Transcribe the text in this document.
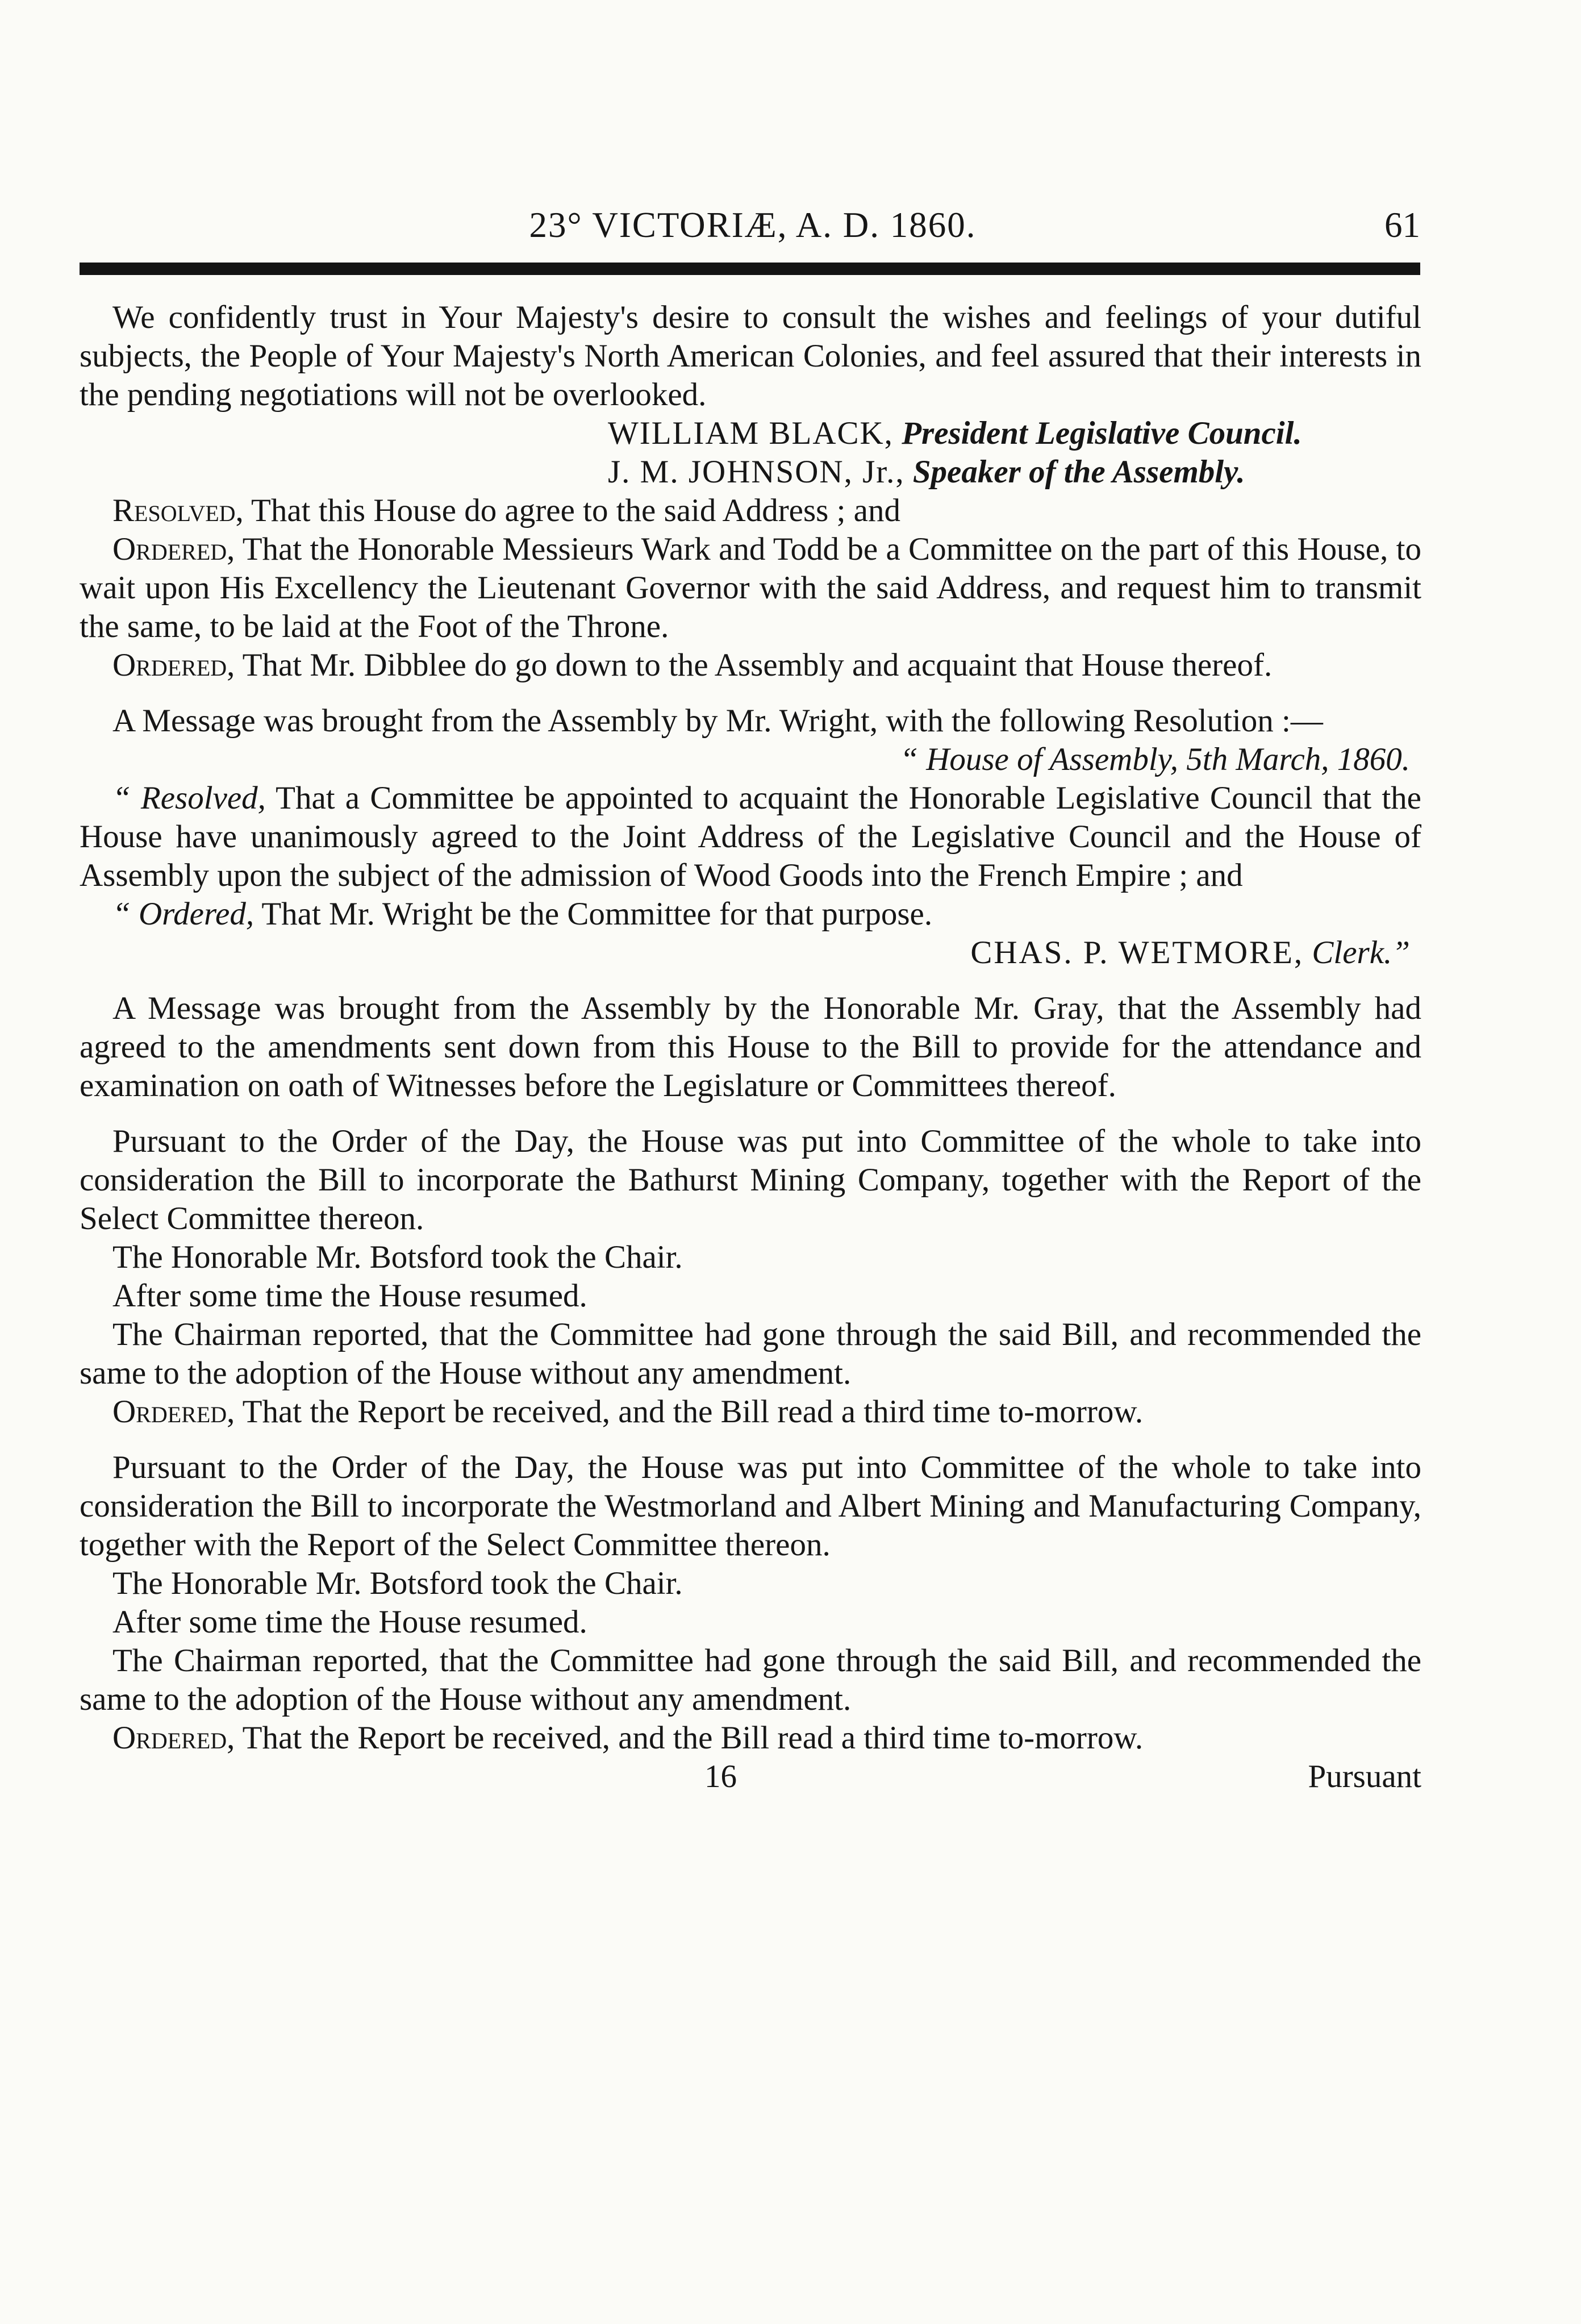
23° VICTORIÆ, A. D. 1860.	61

We confidently trust in Your Majesty's desire to consult the wishes and feelings of your dutiful subjects, the People of Your Majesty's North American Colonies, and feel assured that their interests in the pending negotiations will not be overlooked.

WILLIAM BLACK, President Legislative Council.

J. M. JOHNSON, Jr., Speaker of the Assembly.

Resolved, That this House do agree to the said Address ; and

Ordered, That the Honorable Messieurs Wark and Todd be a Committee on the part of this House, to wait upon His Excellency the Lieutenant Governor with the said Address, and request him to transmit the same, to be laid at the Foot of the Throne.

Ordered, That Mr. Dibblee do go down to the Assembly and acquaint that House thereof.

A Message was brought from the Assembly by Mr. Wright, with the following Resolution :—

“ House of Assembly, 5th March, 1860.

“ Resolved, That a Committee be appointed to acquaint the Honorable Legislative Council that the House have unanimously agreed to the Joint Address of the Legislative Council and the House of Assembly upon the subject of the admission of Wood Goods into the French Empire ; and

“ Ordered, That Mr. Wright be the Committee for that purpose.

CHAS. P. WETMORE, Clerk.”

A Message was brought from the Assembly by the Honorable Mr. Gray, that the Assembly had agreed to the amendments sent down from this House to the Bill to provide for the attendance and examination on oath of Witnesses before the Legislature or Committees thereof.

Pursuant to the Order of the Day, the House was put into Committee of the whole to take into consideration the Bill to incorporate the Bathurst Mining Company, together with the Report of the Select Committee thereon.

The Honorable Mr. Botsford took the Chair.

After some time the House resumed.

The Chairman reported, that the Committee had gone through the said Bill, and recommended the same to the adoption of the House without any amendment.

Ordered, That the Report be received, and the Bill read a third time to-morrow.

Pursuant to the Order of the Day, the House was put into Committee of the whole to take into consideration the Bill to incorporate the Westmorland and Albert Mining and Manufacturing Company, together with the Report of the Select Committee thereon.

The Honorable Mr. Botsford took the Chair.

After some time the House resumed.

The Chairman reported, that the Committee had gone through the said Bill, and recommended the same to the adoption of the House without any amendment.

Ordered, That the Report be received, and the Bill read a third time to-morrow.

16	Pursuant
